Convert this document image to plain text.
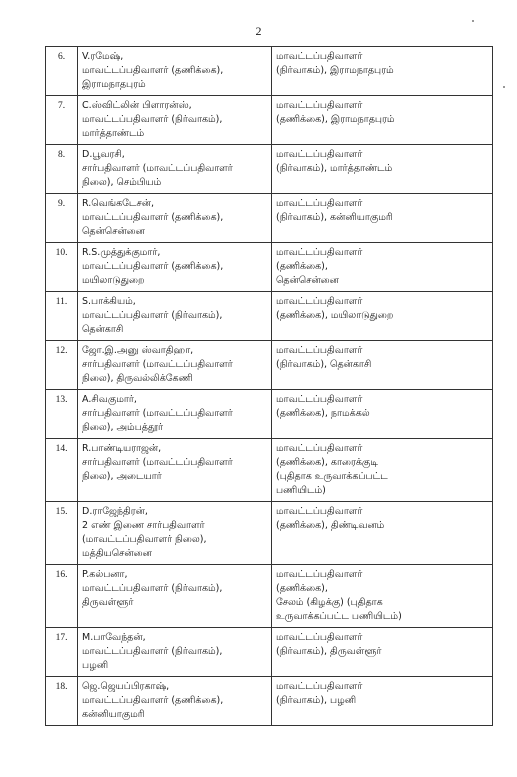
2
6.	V.ரமேஷ்,
மாவட்டப்பதிவாளர் (தணிக்கை),
இராமநாதபுரம்	மாவட்டப்பதிவாளர்
(நிர்வாகம்), இராமநாதபுரம்

7.	C.ஸ்விட்லின் பிளாரன்ஸ்,
மாவட்டப்பதிவாளர் (நிர்வாகம்),
மார்த்தாண்டம்	மாவட்டப்பதிவாளர்
(தணிக்கை), இராமநாதபுரம்

8.	D.பூவரசி,
சார்பதிவாளர் (மாவட்டப்பதிவாளர்
நிலை), செம்பியம்	மாவட்டப்பதிவாளர்
(நிர்வாகம்), மார்த்தாண்டம்

9.	R.வெங்கடேசன்,
மாவட்டப்பதிவாளர் (தணிக்கை),
தென்சென்னை	மாவட்டப்பதிவாளர்
(நிர்வாகம்), கன்னியாகுமரி

10.	R.S.முத்துக்குமார்,
மாவட்டப்பதிவாளர் (தணிக்கை),
மயிலாடுதுறை	மாவட்டப்பதிவாளர்
(தணிக்கை),
தென்சென்னை

11.	S.பாக்கியம்,
மாவட்டப்பதிவாளர் (நிர்வாகம்),
தென்காசி	மாவட்டப்பதிவாளர்
(தணிக்கை), மயிலாடுதுறை

12.	ஜோ.இ.அனு ஸ்வாதிஹா,
சார்பதிவாளர் (மாவட்டப்பதிவாளர்
நிலை), திருவல்லிக்கேணி	மாவட்டப்பதிவாளர்
(நிர்வாகம்), தென்காசி

13.	A.சிவகுமார்,
சார்பதிவாளர் (மாவட்டப்பதிவாளர்
நிலை), அம்பத்தூர்	மாவட்டப்பதிவாளர்
(தணிக்கை), நாமக்கல்

14.	R.பாண்டியராஜன்,
சார்பதிவாளர் (மாவட்டப்பதிவாளர்
நிலை), அடையார்	மாவட்டப்பதிவாளர்
(தணிக்கை), காரைக்குடி
(புதிதாக உருவாக்கப்பட்ட
பணியிடம்)

15.	D.ராஜேந்திரன்,
2 எண் இணை சார்பதிவாளர்
(மாவட்டப்பதிவாளர் நிலை),
மத்தியசென்னை	மாவட்டப்பதிவாளர்
(தணிக்கை), திண்டிவனம்

16.	P.கல்பனா,
மாவட்டப்பதிவாளர் (நிர்வாகம்),
திருவள்ளூர்	மாவட்டப்பதிவாளர்
(தணிக்கை),
சேலம் (கிழக்கு) (புதிதாக
உருவாக்கப்பட்ட பணியிடம்)

17.	M.பாவேந்தன்,
மாவட்டப்பதிவாளர் (நிர்வாகம்),
பழனி	மாவட்டப்பதிவாளர்
(நிர்வாகம்), திருவள்ளூர்

18.	ஜெ.ஜெயப்பிரகாஷ்,
மாவட்டப்பதிவாளர் (தணிக்கை),
கன்னியாகுமரி	மாவட்டப்பதிவாளர்
(நிர்வாகம்), பழனி
